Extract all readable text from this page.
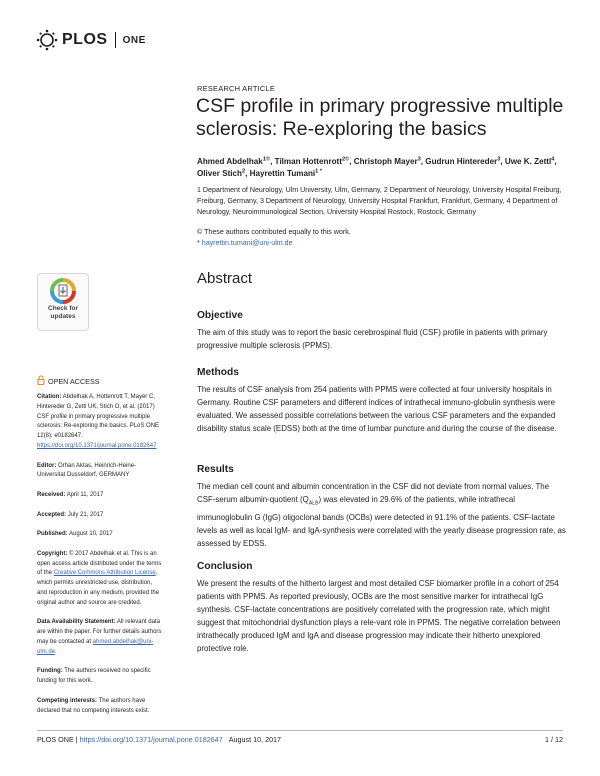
PLOS ONE
RESEARCH ARTICLE
CSF profile in primary progressive multiple sclerosis: Re-exploring the basics
Ahmed Abdelhak$^{1©}$, Tilman Hottenrott$^{2©}$, Christoph Mayer$^3$, Gudrun Hintereder$^3$, Uwe K. Zettl$^4$, Oliver Stich$^2$, Hayrettin Tumani$^{1 *}$
1 Department of Neurology, Ulm University, Ulm, Germany, 2 Department of Neurology, University Hospital Freiburg, Freiburg, Germany, 3 Department of Neurology, University Hospital Frankfurt, Frankfurt, Germany, 4 Department of Neurology, Neuroimmunological Section, University Hospital Rostock, Rostock, Germany
© These authors contributed equally to this work.
* hayrettin.tumani@uni-ulm.de
Check for
updates
OPEN ACCESS

Citation: Abdelhak A, Hottenrott T, Mayer C, Hintereder G, Zettl UK, Stich O, et al. (2017) CSF profile in primary progressive multiple sclerosis: Re-exploring the basics. PLoS ONE 12(8): e0182647. https://doi.org/10.1371/journal.pone.0182647

Editor: Orhan Aktas, Heinrich-Heine-Universitat Dusseldorf, GERMANY

Received: April 11, 2017

Accepted: July 21, 2017

Published: August 10, 2017

Copyright: © 2017 Abdelhak et al. This is an open access article distributed under the terms of the Creative Commons Attribution License, which permits unrestricted use, distribution, and reproduction in any medium, provided the original author and source are credited.

Data Availability Statement: All relevant data are within the paper. For further details authors may be contacted at ahmed.abdelhak@uni-ulm.de.

Funding: The authors received no specific funding for this work.

Competing interests: The authors have declared that no competing interests exist.

Abstract
Objective

The aim of this study was to report the basic cerebrospinal fluid (CSF) profile in patients with primary progressive multiple sclerosis (PPMS).

Methods

The results of CSF analysis from 254 patients with PPMS were collected at four university hospitals in Germany. Routine CSF parameters and different indices of intrathecal immuno-globulin synthesis were evaluated. We assessed possible correlations between the various CSF parameters and the expanded disability status scale (EDSS) both at the time of lumbar puncture and during the course of the disease.

Results

The median cell count and albumin concentration in the CSF did not deviate from normal values. The CSF-serum albumin-quotient $(Q_{ALB})$ was elevated in 29.6% of the patients, while intrathecal immunoglobulin G (IgG) oligoclonal bands (OCBs) were detected in 91.1% of the patients. CSF-lactate levels as well as local IgM- and IgA-synthesis were correlated with the yearly disease progression rate, as assessed by EDSS.

Conclusion

We present the results of the hitherto largest and most detailed CSF biomarker profile in a cohort of 254 patients with PPMS. As reported previously, OCBs are the most sensitive marker for intrathecal IgG synthesis. CSF-lactate concentrations are positively correlated with the progression rate, which might suggest that mitochondrial dysfunction plays a rele-vant role in PPMS. The negative correlation between intrathecally produced IgM and IgA and disease progression may indicate their hitherto unexplored protective role.

PLOS ONE | https://doi.org/10.1371/journal.pone.0182647 August 10, 2017	1 / 12
